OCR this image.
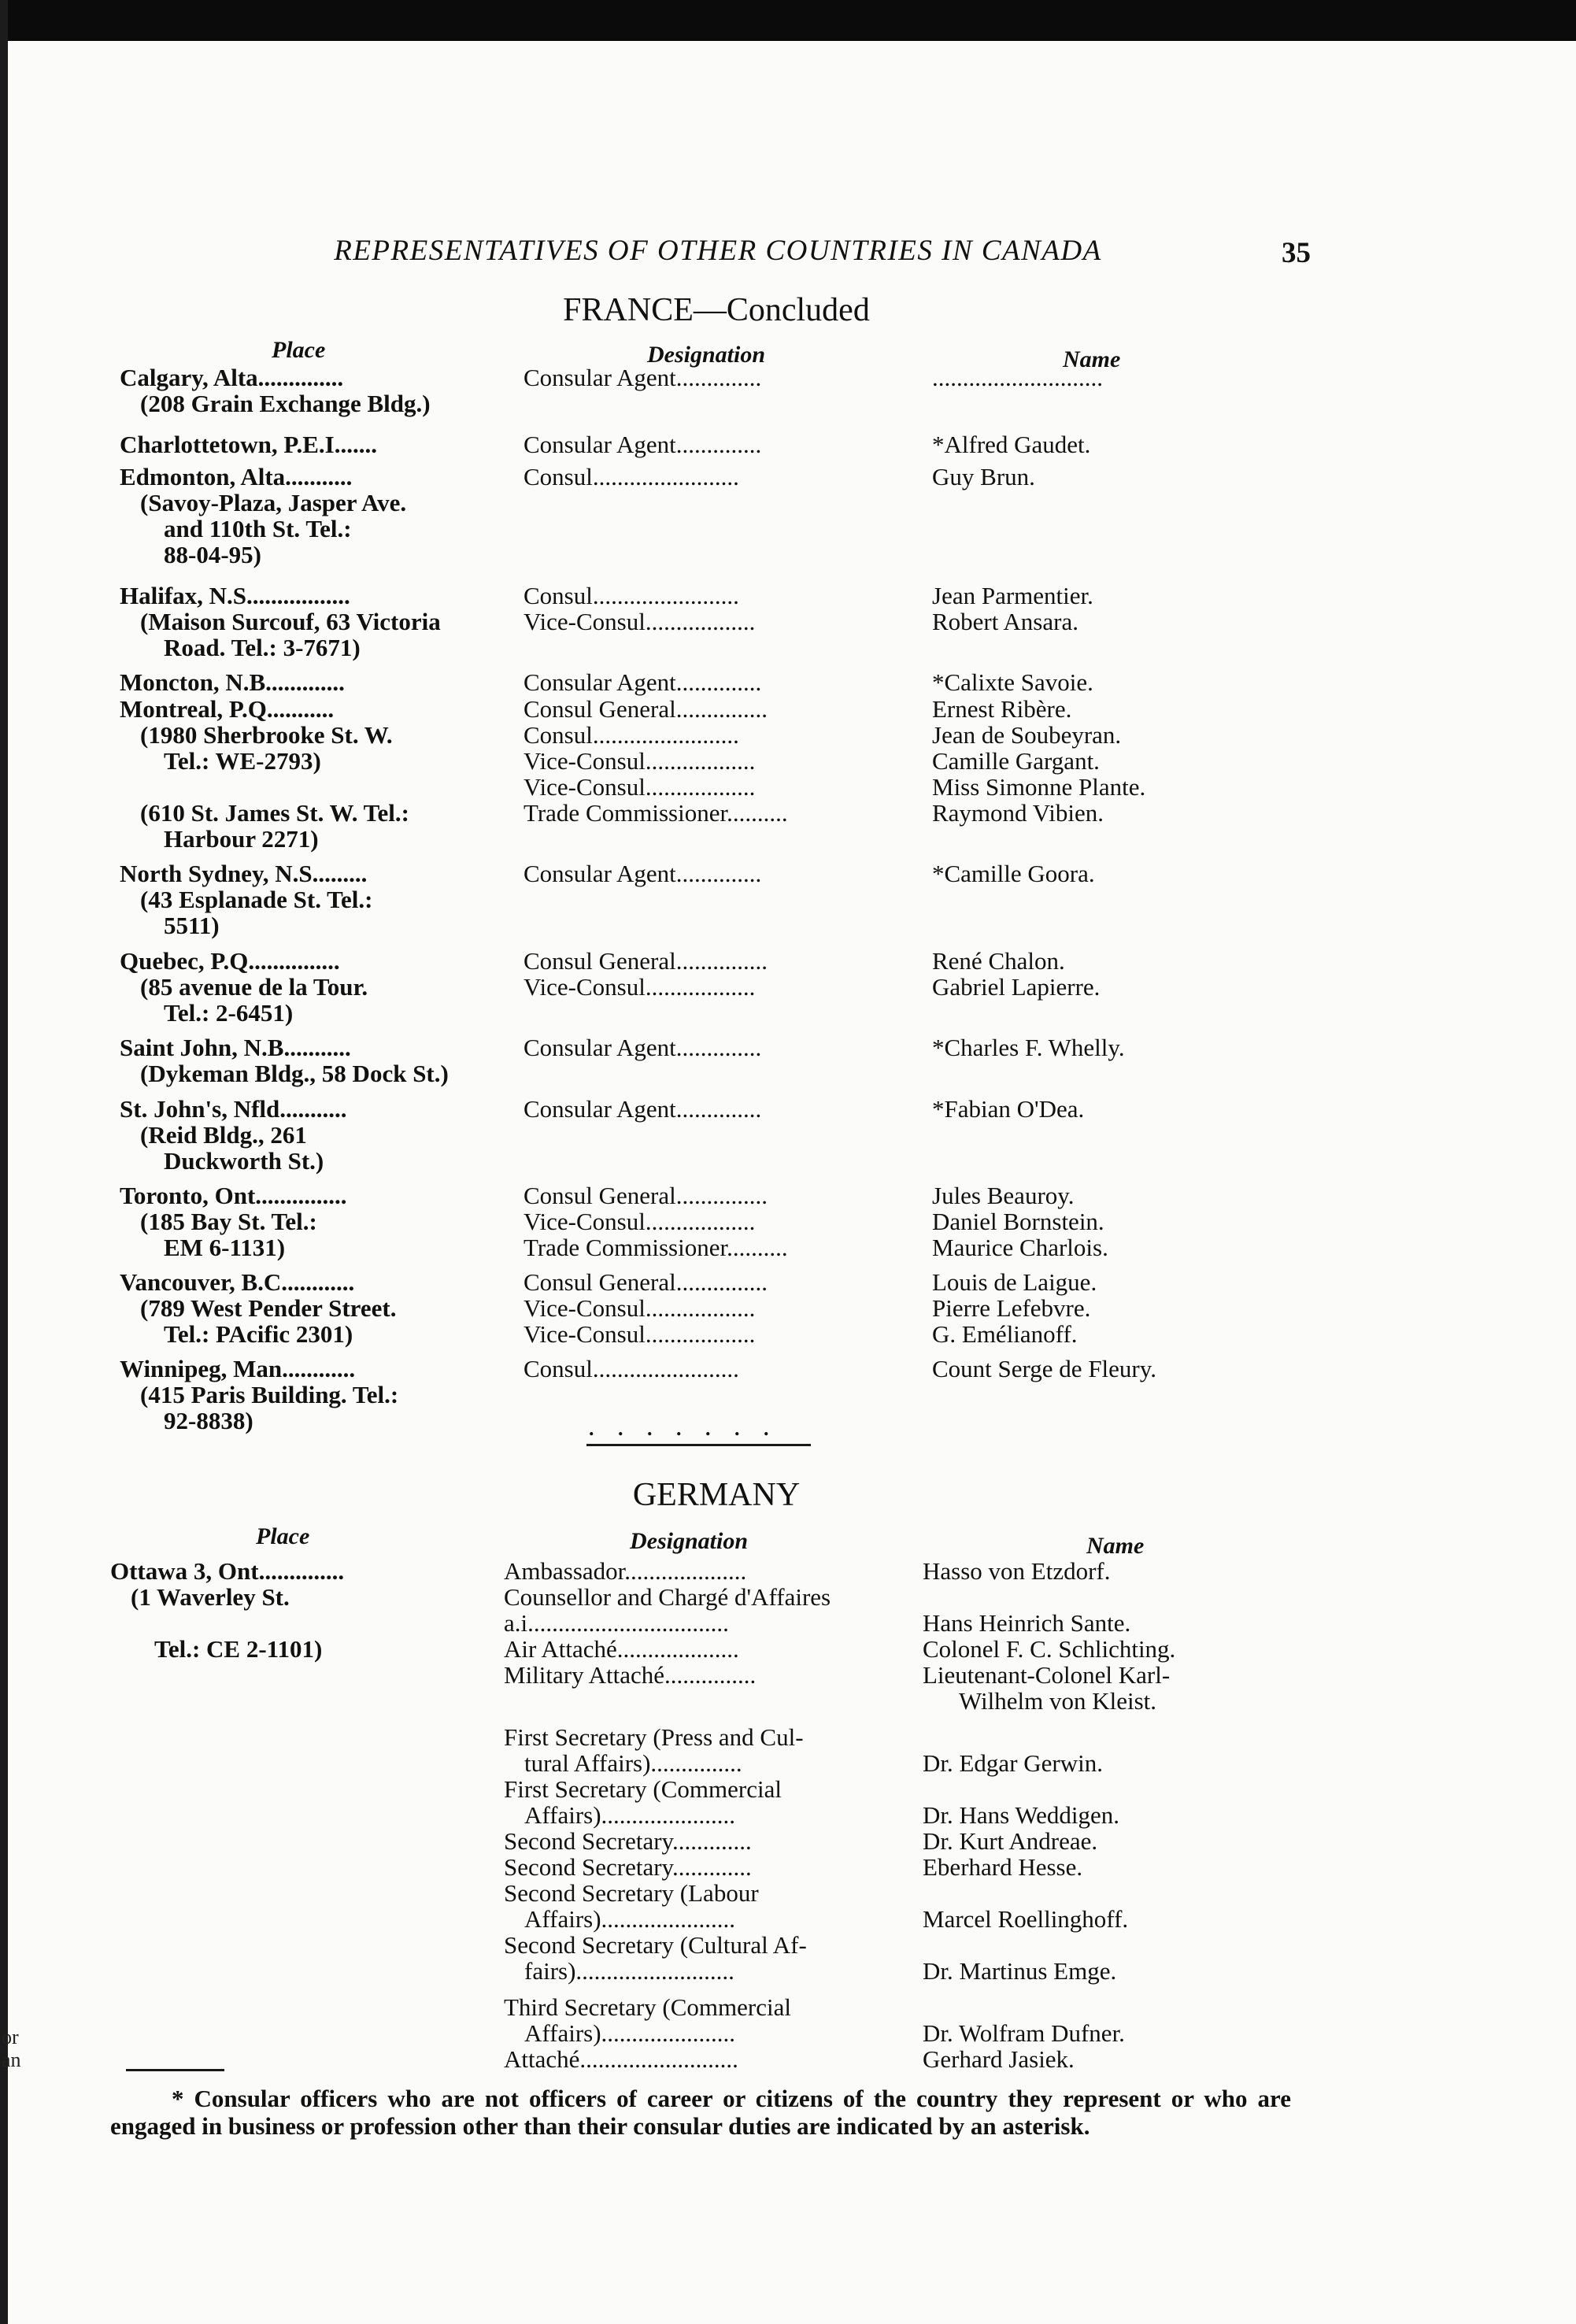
or
an
REPRESENTATIVES OF OTHER COUNTRIES IN CANADA	35
FRANCE—Concluded
Place	Designation	Name
. . . . . . .
GERMANY
Place	Designation	Name
Calgary, Alta..............	Consular Agent..............	............................
(208 Grain Exchange Bldg.)
Charlottetown, P.E.I.......	Consular Agent..............	*Alfred Gaudet.
Edmonton, Alta...........	Consul........................	Guy Brun.
(Savoy-Plaza, Jasper Ave.
and 110th St. Tel.:
88-04-95)
Halifax, N.S.................	Consul........................	Jean Parmentier.
(Maison Surcouf, 63 Victoria	Vice-Consul..................	Robert Ansara.
Road. Tel.: 3-7671)
Moncton, N.B.............	Consular Agent..............	*Calixte Savoie.
Montreal, P.Q...........	Consul General...............	Ernest Ribère.
(1980 Sherbrooke St. W.	Consul........................	Jean de Soubeyran.
Tel.: WE-2793)	Vice-Consul..................	Camille Gargant.
Vice-Consul..................	Miss Simonne Plante.
(610 St. James St. W. Tel.:	Trade Commissioner..........	Raymond Vibien.
Harbour 2271)
North Sydney, N.S.........	Consular Agent..............	*Camille Goora.
(43 Esplanade St. Tel.:
5511)
Quebec, P.Q...............	Consul General...............	René Chalon.
(85 avenue de la Tour.	Vice-Consul..................	Gabriel Lapierre.
Tel.: 2-6451)
Saint John, N.B...........	Consular Agent..............	*Charles F. Whelly.
(Dykeman Bldg., 58 Dock St.)
St. John's, Nfld...........	Consular Agent..............	*Fabian O'Dea.
(Reid Bldg., 261
Duckworth St.)
Toronto, Ont...............	Consul General...............	Jules Beauroy.
(185 Bay St. Tel.:	Vice-Consul..................	Daniel Bornstein.
EM 6-1131)	Trade Commissioner..........	Maurice Charlois.
Vancouver, B.C............	Consul General...............	Louis de Laigue.
(789 West Pender Street.	Vice-Consul..................	Pierre Lefebvre.
Tel.: PAcific 2301)	Vice-Consul..................	G. Emélianoff.
Winnipeg, Man............	Consul........................	Count Serge de Fleury.
(415 Paris Building. Tel.:
92-8838)
Ottawa 3, Ont..............	Ambassador....................	Hasso von Etzdorf.
(1 Waverley St.	Counsellor and Chargé d'Affaires
a.i.................................	Hans Heinrich Sante.
Tel.: CE 2-1101)	Air Attaché....................	Colonel F. C. Schlichting.
Military Attaché...............	Lieutenant-Colonel Karl-
Wilhelm von Kleist.
First Secretary (Press and Cul-
tural Affairs)...............	Dr. Edgar Gerwin.
First Secretary (Commercial
Affairs)......................	Dr. Hans Weddigen.
Second Secretary.............	Dr. Kurt Andreae.
Second Secretary.............	Eberhard Hesse.
Second Secretary (Labour
Affairs)......................	Marcel Roellinghoff.
Second Secretary (Cultural Af-
fairs)..........................	Dr. Martinus Emge.
Third Secretary (Commercial
Affairs)......................	Dr. Wolfram Dufner.
Attaché..........................	Gerhard Jasiek.
* Consular officers who are not officers of career or citizens of the country they represent or who are engaged in business or profession other than their consular duties are indicated by an asterisk.
